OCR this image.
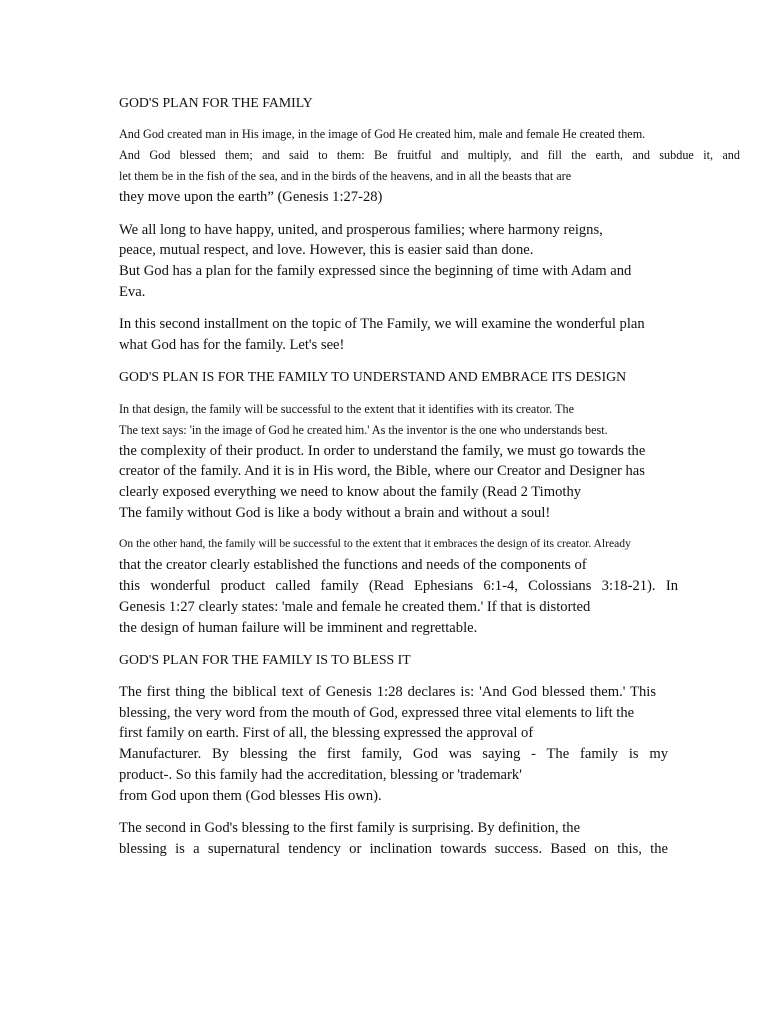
GOD'S PLAN FOR THE FAMILY

And God created man in His image, in the image of God He created him, male and female He created them.

And God blessed them; and said to them: Be fruitful and multiply, and fill the earth, and subdue it, and

let them be in the fish of the sea, and in the birds of the heavens, and in all the beasts that are

they move upon the earth” (Genesis 1:27-28)

We all long to have happy, united, and prosperous families; where harmony reigns,

peace, mutual respect, and love. However, this is easier said than done.

But God has a plan for the family expressed since the beginning of time with Adam and

Eva.

In this second installment on the topic of The Family, we will examine the wonderful plan

what God has for the family. Let's see!

GOD'S PLAN IS FOR THE FAMILY TO UNDERSTAND AND EMBRACE ITS DESIGN

In that design, the family will be successful to the extent that it identifies with its creator. The

The text says: 'in the image of God he created him.' As the inventor is the one who understands best.

the complexity of their product. In order to understand the family, we must go towards the

creator of the family. And it is in His word, the Bible, where our Creator and Designer has

clearly exposed everything we need to know about the family (Read 2 Timothy

The family without God is like a body without a brain and without a soul!

On the other hand, the family will be successful to the extent that it embraces the design of its creator. Already

that the creator clearly established the functions and needs of the components of

this wonderful product called family (Read Ephesians 6:1-4, Colossians 3:18-21). In

Genesis 1:27 clearly states: 'male and female he created them.' If that is distorted

the design of human failure will be imminent and regrettable.

GOD'S PLAN FOR THE FAMILY IS TO BLESS IT

The first thing the biblical text of Genesis 1:28 declares is: 'And God blessed them.' This

blessing, the very word from the mouth of God, expressed three vital elements to lift the

first family on earth. First of all, the blessing expressed the approval of

Manufacturer. By blessing the first family, God was saying - The family is my

product-. So this family had the accreditation, blessing or 'trademark'

from God upon them (God blesses His own).

The second in God's blessing to the first family is surprising. By definition, the

blessing is a supernatural tendency or inclination towards success. Based on this, the
